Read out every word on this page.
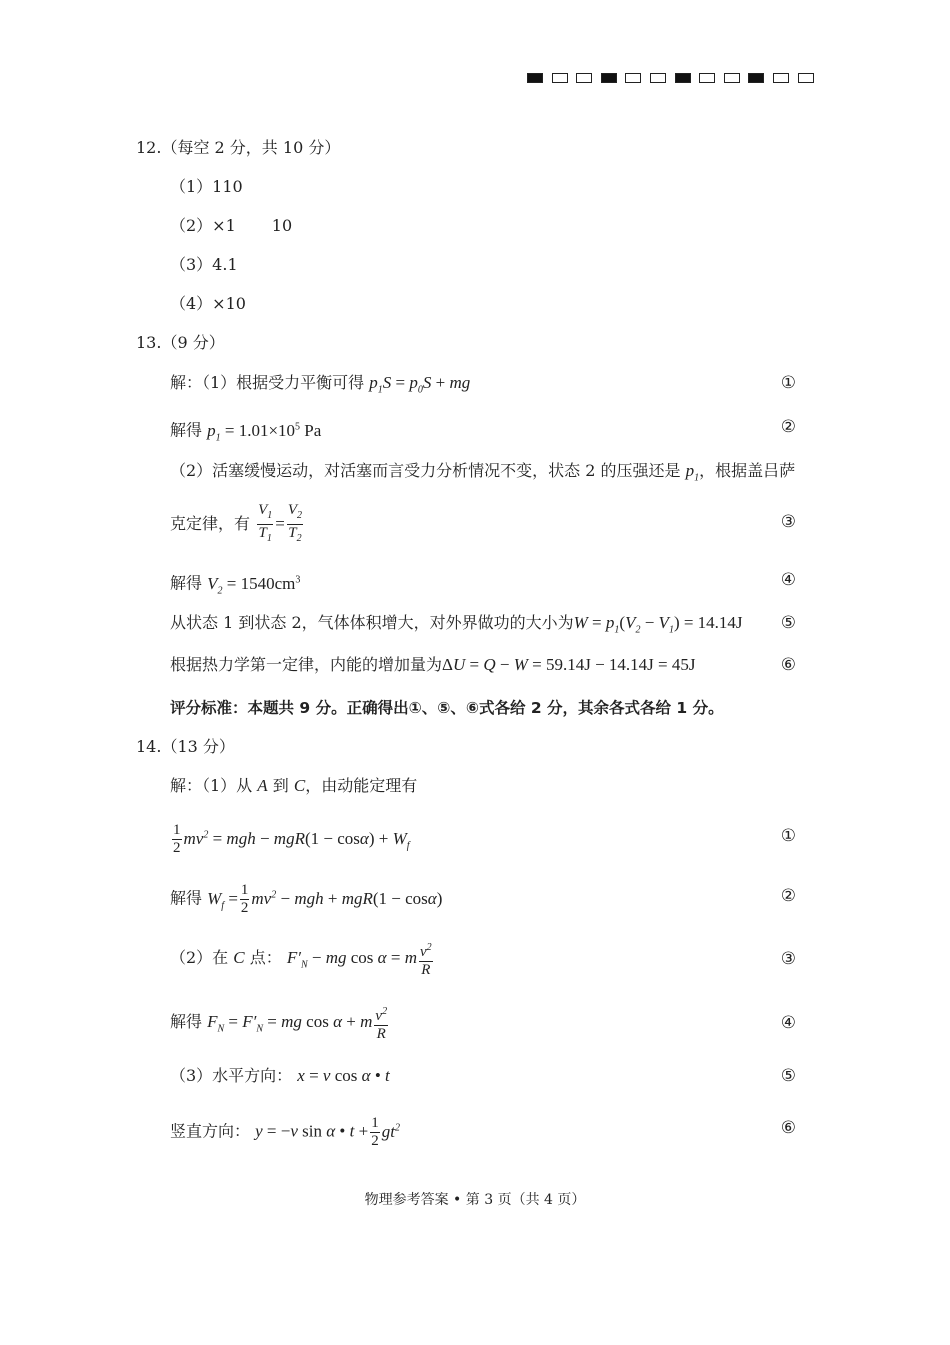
12.（每空 2 分，共 10 分）
（1）110
（2）×1 10
（3）4.1
（4）×10
13.（9 分）
解：（1）根据受力平衡可得 $p_1S = p_0S$ + mg	①
解得 $p_1 = 1.01\times 10^5$ Pa	②
（2）活塞缓慢运动，对活塞而言受力分析情况不变，状态 2 的压强还是 $p_1$，根据盖吕萨
克定律，有 $\frac{V_1}{T_1} = \frac{V_2}{T_2}$	③
解得 $V_2 = 1540cm^3$	④
从状态 1 到状态 2，气体体积增大，对外界做功的大小为$W = p_1(V_2 - V_1) = 14.14J$ ⑤
根据热力学第一定律，内能的增加量为ΔU = Q − W = 59.14J − 14.14J = 45J	⑥
评分标准：本题共 9 分。正确得出①、⑤、⑥式各给 2 分，其余各式各给 1 分。
14.（13 分）
解：（1）从 A 到 C，由动能定理有
$\frac{1}{2} mv^2$ = mgh − $mgR(1 - \cos\alpha) + W_f$	①
解得 $W_f = \frac{1}{2} mv^2$ − mgh + mgR(1 − cosα)	②
（2）在 C 点： $F'_N$ − mg cos α = m $\frac{v^2}{R}$	③
解得 $F_N = F'_N$ = mg cos α + m $\frac{v^2}{R}$	④
（3）水平方向： x = v cos α • t	⑤
竖直方向： y = −v sin α • $t + \frac{1}{2} gt^2$	⑥
物理参考答案 • 第 3 页（共 4 页）
